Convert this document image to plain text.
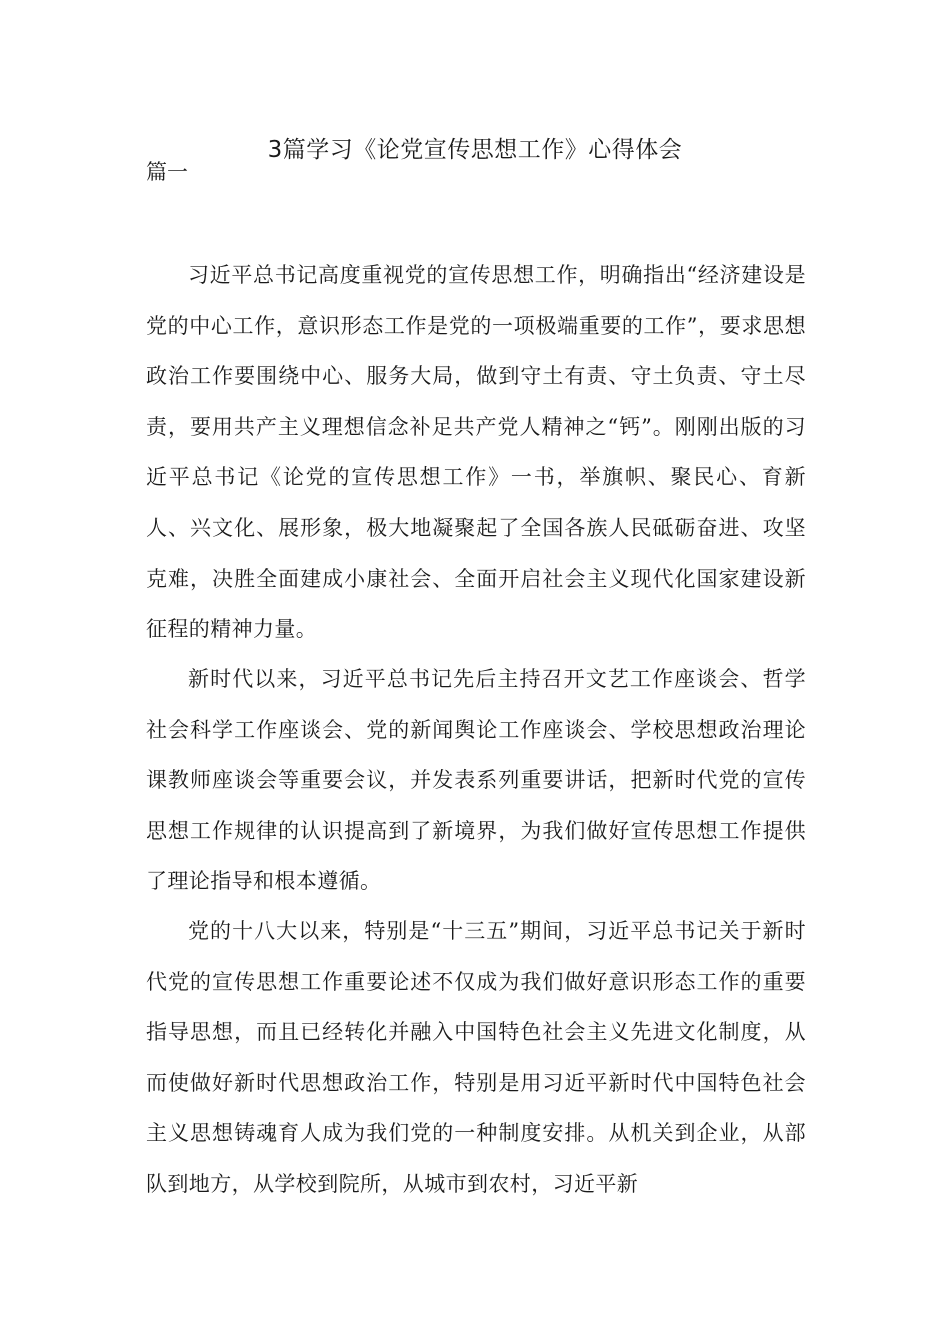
3篇学习《论党宣传思想工作》心得体会

篇一

习近平总书记高度重视党的宣传思想工作，明确指出“经济建设是党的中心工作，意识形态工作是党的一项极端重要的工作”，要求思想政治工作要围绕中心、服务大局，做到守土有责、守土负责、守土尽责，要用共产主义理想信念补足共产党人精神之“钙”。刚刚出版的习近平总书记《论党的宣传思想工作》一书，举旗帜、聚民心、育新人、兴文化、展形象，极大地凝聚起了全国各族人民砥砺奋进、攻坚克难，决胜全面建成小康社会、全面开启社会主义现代化国家建设新征程的精神力量。

新时代以来，习近平总书记先后主持召开文艺工作座谈会、哲学社会科学工作座谈会、党的新闻舆论工作座谈会、学校思想政治理论课教师座谈会等重要会议，并发表系列重要讲话，把新时代党的宣传思想工作规律的认识提高到了新境界，为我们做好宣传思想工作提供了理论指导和根本遵循。

党的十八大以来，特别是“十三五”期间，习近平总书记关于新时代党的宣传思想工作重要论述不仅成为我们做好意识形态工作的重要指导思想，而且已经转化并融入中国特色社会主义先进文化制度，从而使做好新时代思想政治工作，特别是用习近平新时代中国特色社会主义思想铸魂育人成为我们党的一种制度安排。从机关到企业，从部队到地方，从学校到院所，从城市到农村，习近平新
